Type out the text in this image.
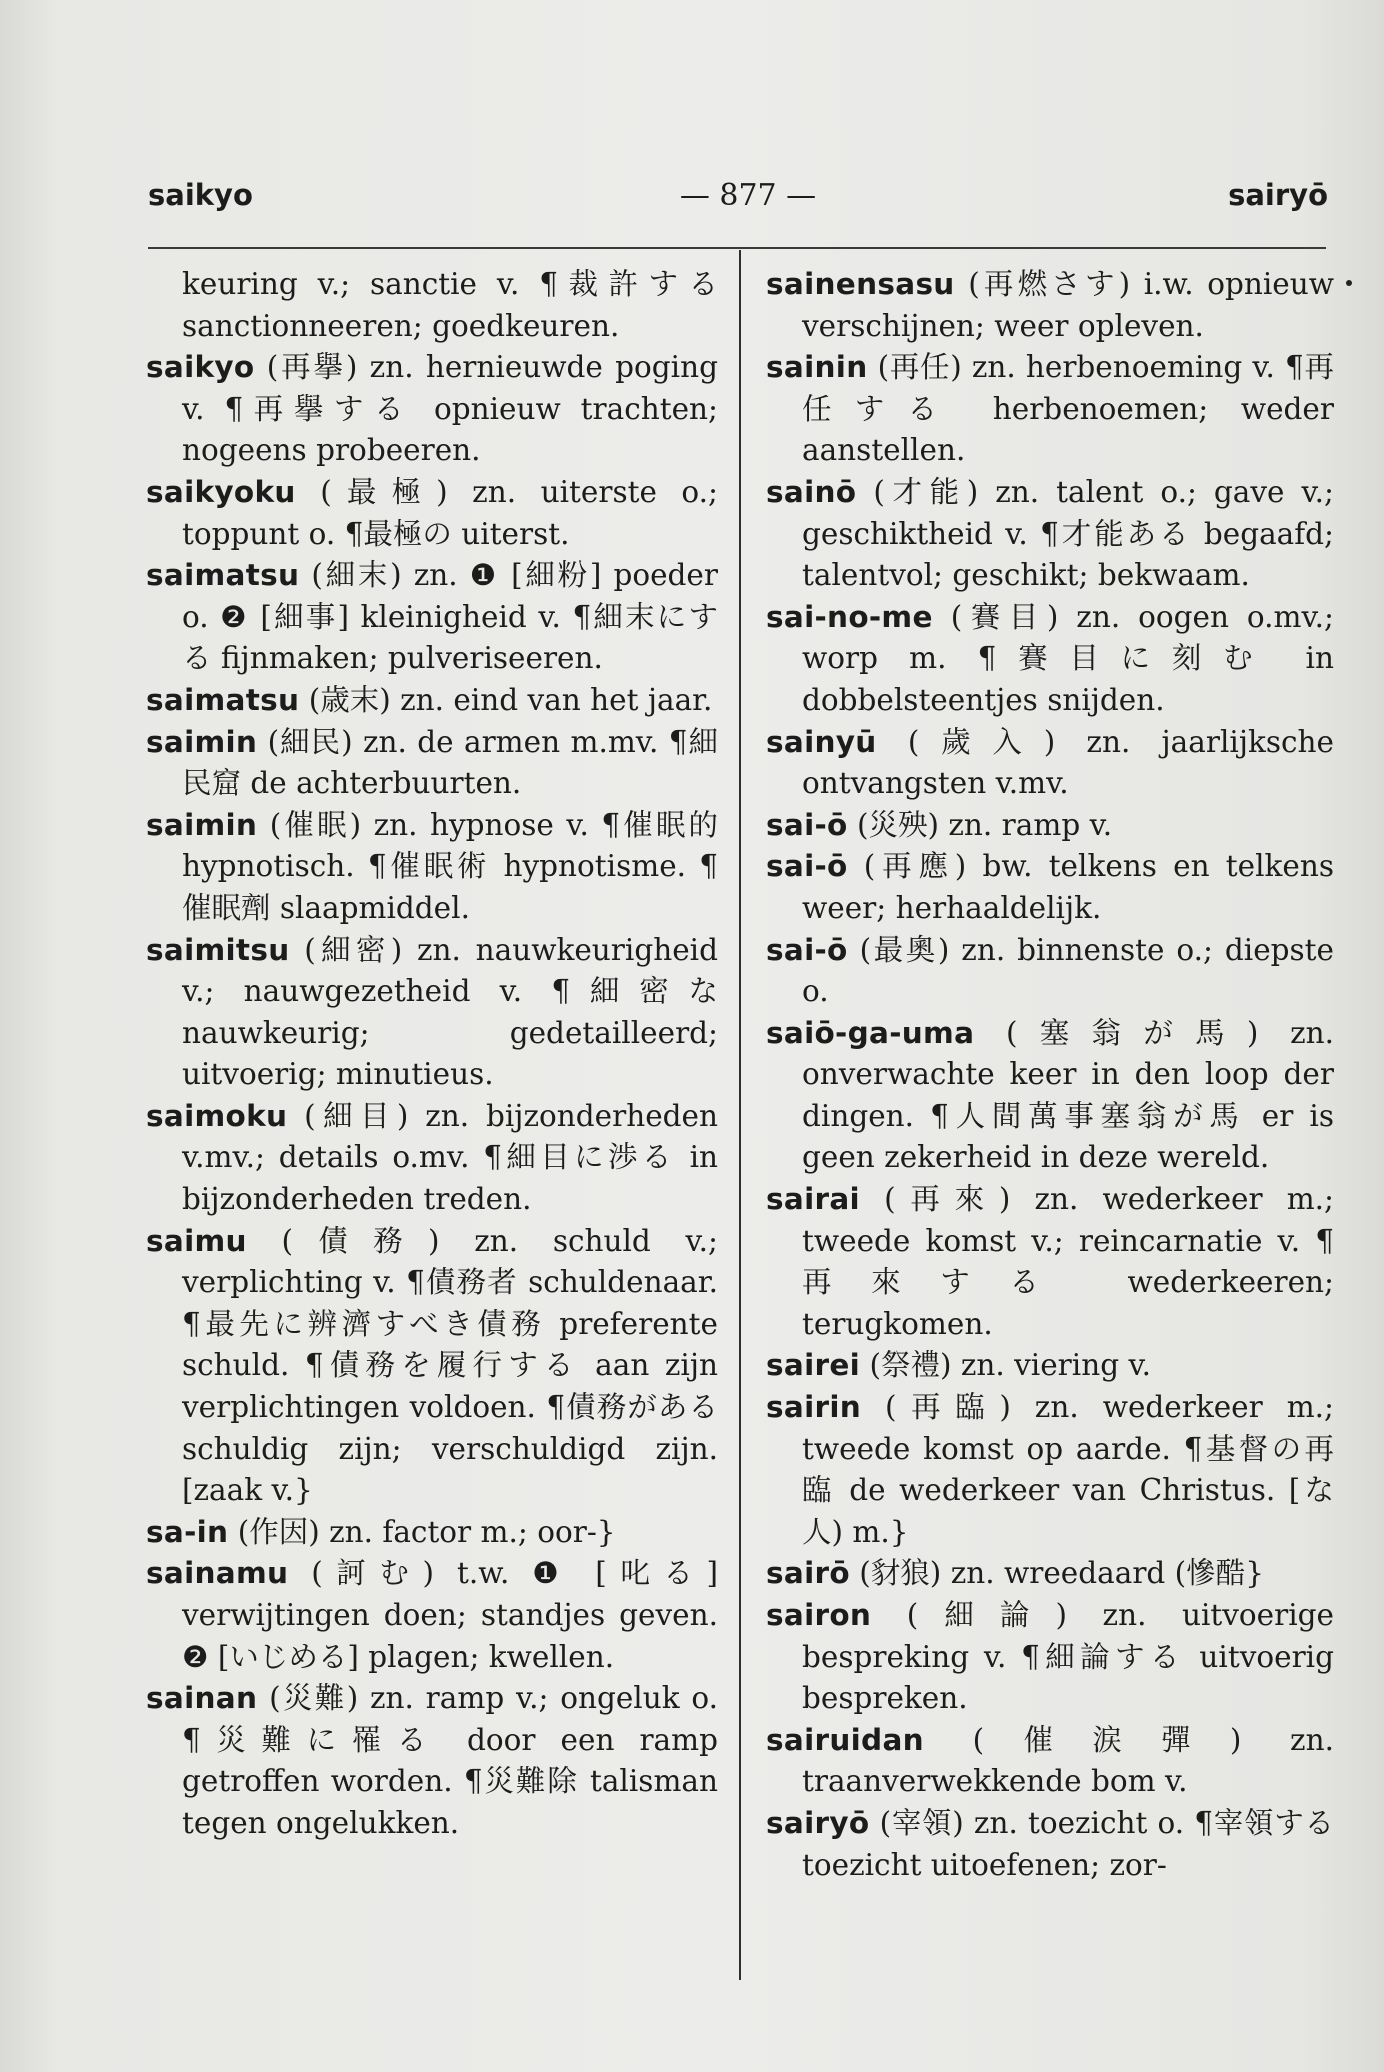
saikyo	— 877 —	sairyō

keuring v.; sanctie v. ¶裁許する sanctionneeren; goedkeuren.

saikyo (再擧) zn. hernieuwde poging v. ¶再擧する opnieuw trachten; nogeens probeeren.

saikyoku (最極) zn. uiterste o.; toppunt o. ¶最極の uiterst.

saimatsu (細末) zn. ❶ [細粉] poeder o. ❷ [細事] kleinigheid v. ¶細末にする fijnmaken; pulveriseeren.

saimatsu (歳末) zn. eind van het jaar.

saimin (細民) zn. de armen m.mv. ¶細民窟 de achterbuurten.

saimin (催眠) zn. hypnose v. ¶催眠的 hypnotisch. ¶催眠術 hypnotisme. ¶催眠劑 slaapmiddel.

saimitsu (細密) zn. nauwkeurigheid v.; nauwgezetheid v. ¶細密な nauwkeurig; gedetailleerd; uitvoerig; minutieus.

saimoku (細目) zn. bijzonderheden v.mv.; details o.mv. ¶細目に渉る in bijzonderheden treden.

saimu (債務) zn. schuld v.; verplichting v. ¶債務者 schuldenaar. ¶最先に辨濟すべき債務 preferente schuld. ¶債務を履行する aan zijn verplichtingen voldoen. ¶債務がある schuldig zijn; verschuldigd zijn. [zaak v.}

sa-in (作因) zn. factor m.; oor-}

sainamu (訶む) t.w. ❶ [叱る] verwijtingen doen; standjes geven. ❷ [いじめる] plagen; kwellen.

sainan (災難) zn. ramp v.; ongeluk o. ¶災難に罹る door een ramp getroffen worden. ¶災難除 talisman tegen ongelukken.

sainensasu (再燃さす) i.w. opnieuw verschijnen; weer opleven.

sainin (再任) zn. herbenoeming v. ¶再任する herbenoemen; weder aanstellen.

sainō (才能) zn. talent o.; gave v.; geschiktheid v. ¶才能ある begaafd; talentvol; geschikt; bekwaam.

sai-no-me (賽目) zn. oogen o.mv.; worp m. ¶賽目に刻む in dobbelsteentjes snijden.

sainyū (歲入) zn. jaarlijksche ontvangsten v.mv.

sai-ō (災殃) zn. ramp v.

sai-ō (再應) bw. telkens en telkens weer; herhaaldelijk.

sai-ō (最奧) zn. binnenste o.; diepste o.

saiō-ga-uma (塞翁が馬) zn. onverwachte keer in den loop der dingen. ¶人間萬事塞翁が馬 er is geen zekerheid in deze wereld.

sairai (再來) zn. wederkeer m.; tweede komst v.; reincarnatie v. ¶再來する wederkeeren; terugkomen.

sairei (祭禮) zn. viering v.

sairin (再臨) zn. wederkeer m.; tweede komst op aarde. ¶基督の再臨 de wederkeer van Christus. [な人) m.}

sairō (豺狼) zn. wreedaard (慘酷}

sairon (細論) zn. uitvoerige bespreking v. ¶細論する uitvoerig bespreken.

sairuidan (催涙彈) zn. traanverwekkende bom v.

sairyō (宰領) zn. toezicht o. ¶宰領する toezicht uitoefenen; zor-
